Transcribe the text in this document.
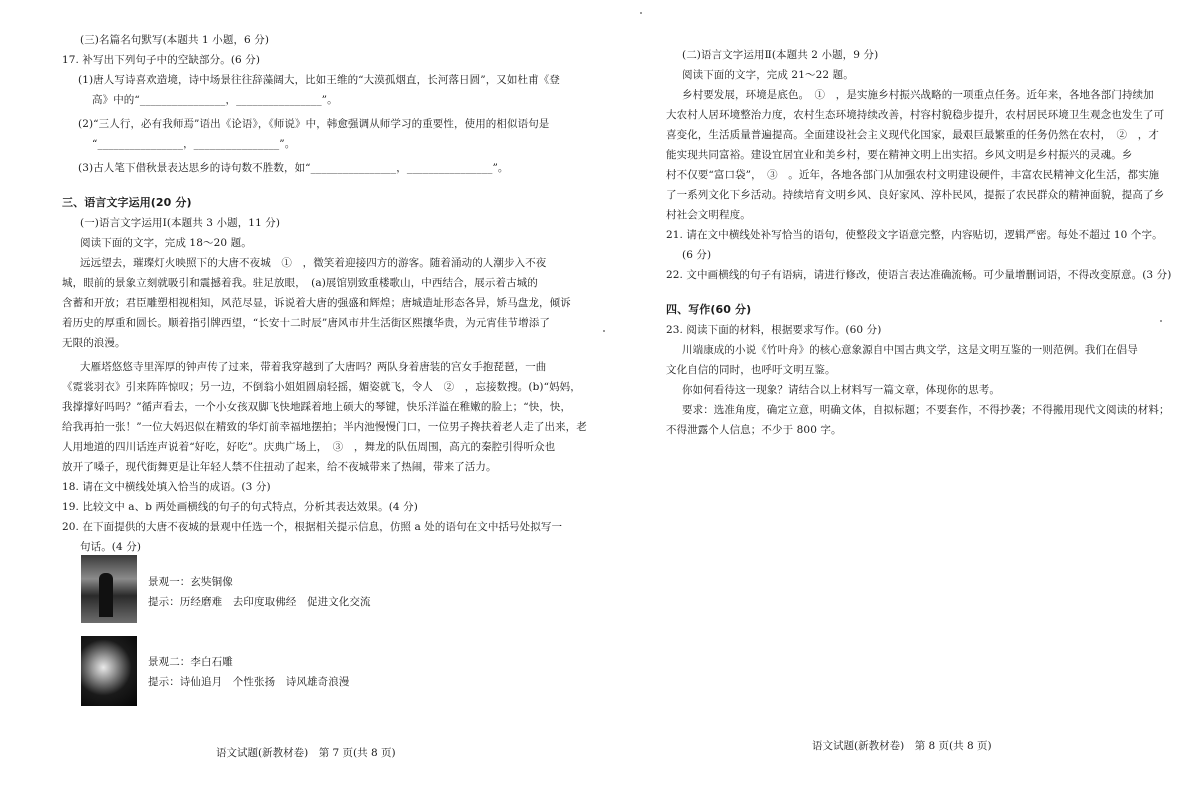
(三)名篇名句默写(本题共 1 小题，6 分)
17. 补写出下列句子中的空缺部分。(6 分)
(1)唐人写诗喜欢造境，诗中场景往往辞藻阔大，比如王维的“大漠孤烟直，长河落日圆”，又如杜甫《登
高》中的“________________，________________”。
(2)“三人行，必有我师焉”语出《论语》，《师说》中，韩愈强调从师学习的重要性，使用的相似语句是
“________________，________________”。
(3)古人笔下借秋景表达思乡的诗句数不胜数，如“________________，________________”。
三、语言文字运用(20 分)
(一)语言文字运用Ⅰ(本题共 3 小题，11 分)
阅读下面的文字，完成 18～20 题。
远远望去，璀璨灯火映照下的大唐不夜城　①　，微笑着迎接四方的游客。随着涌动的人潮步入不夜
城，眼前的景象立刻就吸引和震撼着我。驻足放眼，　(a)展馆别致重楼歌山，中西结合，展示着古城的
含蓄和开放；君臣雕塑相视相知，风范尽显，诉说着大唐的强盛和辉煌；唐城造址形态各异，矫马盘龙，倾诉
着历史的厚重和圆长。顺着指引牌西望，“长安十二时辰”唐风市井生活街区熙攘华贵，为元宵佳节增添了
无限的浪漫。
大雁塔悠悠寺里浑厚的钟声传了过来，带着我穿越到了大唐吗？两队身着唐装的宫女手抱琵琶，一曲
《霓裳羽衣》引来阵阵惊叹；另一边，不倒翁小姐姐圆扇轻摇，媚姿就飞，令人　②　，忘接数搜。(b)“妈妈，
我撑撑好吗吗？”循声看去，一个小女孩双脚飞快地踩着地上硕大的琴键，快乐洋溢在稚嫩的脸上；“快，快，
给我再拍一张！”一位大妈迟似在精致的华灯前幸福地摆拍；半内池慢慢门口，一位男子搀扶着老人走了出来，老
人用地道的四川话连声说着“好吃，好吃”。庆典广场上，　③　，舞龙的队伍周围，高亢的秦腔引得听众也
放开了嗓子，现代街舞更是让年轻人禁不住扭动了起来，给不夜城带来了热闹，带来了活力。
18. 请在文中横线处填入恰当的成语。(3 分)
19. 比较文中 a、b 两处画横线的句子的句式特点，分析其表达效果。(4 分)
20. 在下面提供的大唐不夜城的景观中任选一个，根据相关提示信息，仿照 a 处的语句在文中括号处拟写一
句话。(4 分)
景观一：玄奘铜像
提示：历经磨难　去印度取佛经　促进文化交流
景观二：李白石雕
提示：诗仙追月　个性张扬　诗风雄奇浪漫
语文试题(新教材卷)　第 7 页(共 8 页)
(二)语言文字运用Ⅱ(本题共 2 小题，9 分)
阅读下面的文字，完成 21～22 题。
乡村要发展，环境是底色。　①　，是实施乡村振兴战略的一项重点任务。近年来，各地各部门持续加
大农村人居环境整治力度，农村生态环境持续改善，村容村貌稳步提升，农村居民环境卫生观念也发生了可
喜变化，生活质量普遍提高。全面建设社会主义现代化国家，最艰巨最繁重的任务仍然在农村，　②　，才
能实现共同富裕。建设宜居宜业和美乡村，要在精神文明上出实招。乡风文明是乡村振兴的灵魂。乡
村不仅要“富口袋”，　③　。近年，各地各部门从加强农村文明建设硬件，丰富农民精神文化生活，都实施
了一系列文化下乡活动。持续培育文明乡风、良好家风、淳朴民风，提振了农民群众的精神面貌，提高了乡
村社会文明程度。
21. 请在文中横线处补写恰当的语句，使整段文字语意完整，内容贴切，逻辑严密。每处不超过 10 个字。
(6 分)
22. 文中画横线的句子有语病，请进行修改，使语言表达准确流畅。可少量增删词语，不得改变原意。(3 分)
四、写作(60 分)
23. 阅读下面的材料，根据要求写作。(60 分)
川端康成的小说《竹叶舟》的核心意象源自中国古典文学，这是文明互鉴的一则范例。我们在倡导
文化自信的同时，也呼吁文明互鉴。
你如何看待这一现象？请结合以上材料写一篇文章，体现你的思考。
要求：选准角度，确定立意，明确文体，自拟标题；不要套作，不得抄袭；不得搬用现代文阅读的材料；
不得泄露个人信息；不少于 800 字。
语文试题(新教材卷)　第 8 页(共 8 页)
